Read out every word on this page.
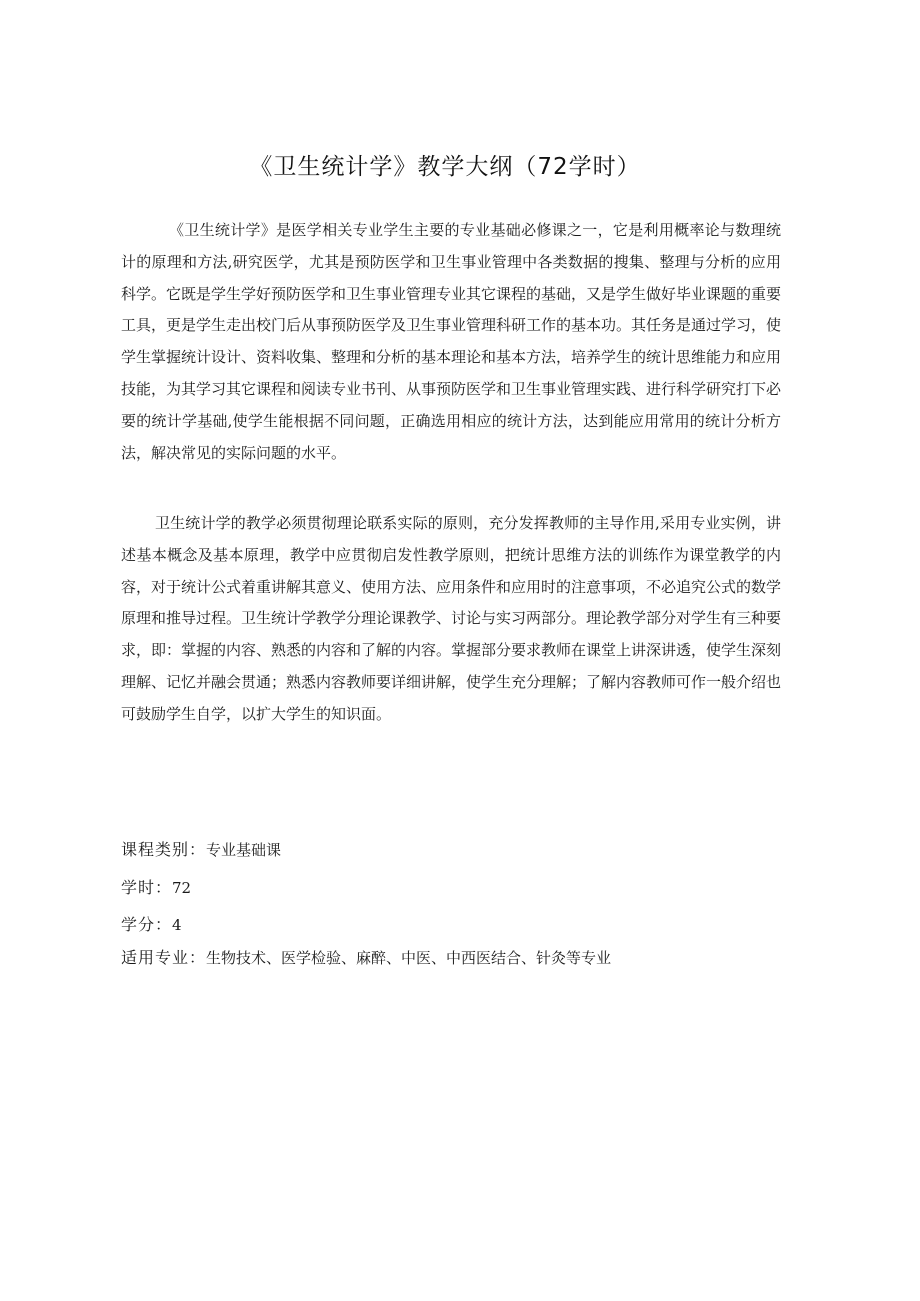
《卫生统计学》教学大纲（72学时）

《卫生统计学》是医学相关专业学生主要的专业基础必修课之一，它是利用概率论与数理统计的原理和方法,研究医学，尤其是预防医学和卫生事业管理中各类数据的搜集、整理与分析的应用科学。它既是学生学好预防医学和卫生事业管理专业其它课程的基础，又是学生做好毕业课题的重要工具，更是学生走出校门后从事预防医学及卫生事业管理科研工作的基本功。其任务是通过学习，使学生掌握统计设计、资料收集、整理和分析的基本理论和基本方法，培养学生的统计思维能力和应用技能，为其学习其它课程和阅读专业书刊、从事预防医学和卫生事业管理实践、进行科学研究打下必要的统计学基础,使学生能根据不同问题，正确选用相应的统计方法，达到能应用常用的统计分析方法，解决常见的实际问题的水平。

卫生统计学的教学必须贯彻理论联系实际的原则，充分发挥教师的主导作用,采用专业实例，讲述基本概念及基本原理，教学中应贯彻启发性教学原则，把统计思维方法的训练作为课堂教学的内容，对于统计公式着重讲解其意义、使用方法、应用条件和应用时的注意事项，不必追究公式的数学原理和推导过程。卫生统计学教学分理论课教学、讨论与实习两部分。理论教学部分对学生有三种要求，即：掌握的内容、熟悉的内容和了解的内容。掌握部分要求教师在课堂上讲深讲透，使学生深刻理解、记忆并融会贯通；熟悉内容教师要详细讲解，使学生充分理解；了解内容教师可作一般介绍也可鼓励学生自学，以扩大学生的知识面。

课程类别：专业基础课
学时：72
学分：4
适用专业：生物技术、医学检验、麻醉、中医、中西医结合、针灸等专业
